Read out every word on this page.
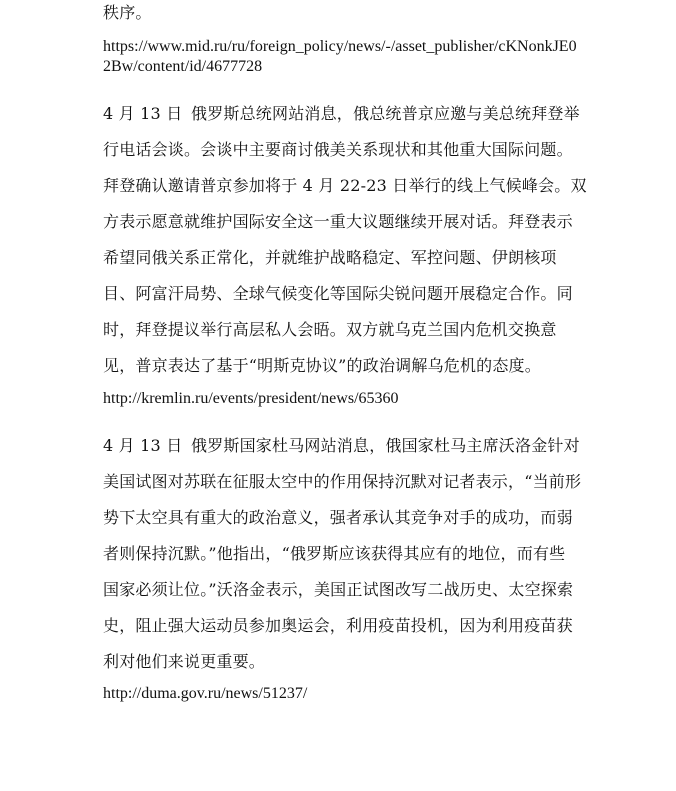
秩序。
https://www.mid.ru/ru/foreign_policy/news/-/asset_publisher/cKNonkJE0
2Bw/content/id/4677728
4 月 13 日 俄罗斯总统网站消息，俄总统普京应邀与美总统拜登举
行电话会谈。会谈中主要商讨俄美关系现状和其他重大国际问题。
拜登确认邀请普京参加将于 4 月 22-23 日举行的线上气候峰会。双
方表示愿意就维护国际安全这一重大议题继续开展对话。拜登表示
希望同俄关系正常化，并就维护战略稳定、军控问题、伊朗核项
目、阿富汗局势、全球气候变化等国际尖锐问题开展稳定合作。同
时，拜登提议举行高层私人会晤。双方就乌克兰国内危机交换意
见，普京表达了基于“明斯克协议”的政治调解乌危机的态度。
http://kremlin.ru/events/president/news/65360
4 月 13 日 俄罗斯国家杜马网站消息，俄国家杜马主席沃洛金针对
美国试图对苏联在征服太空中的作用保持沉默对记者表示，“当前形
势下太空具有重大的政治意义，强者承认其竞争对手的成功，而弱
者则保持沉默。”他指出，“俄罗斯应该获得其应有的地位，而有些
国家必须让位。”沃洛金表示，美国正试图改写二战历史、太空探索
史，阻止强大运动员参加奥运会，利用疫苗投机，因为利用疫苗获
利对他们来说更重要。
http://duma.gov.ru/news/51237/
